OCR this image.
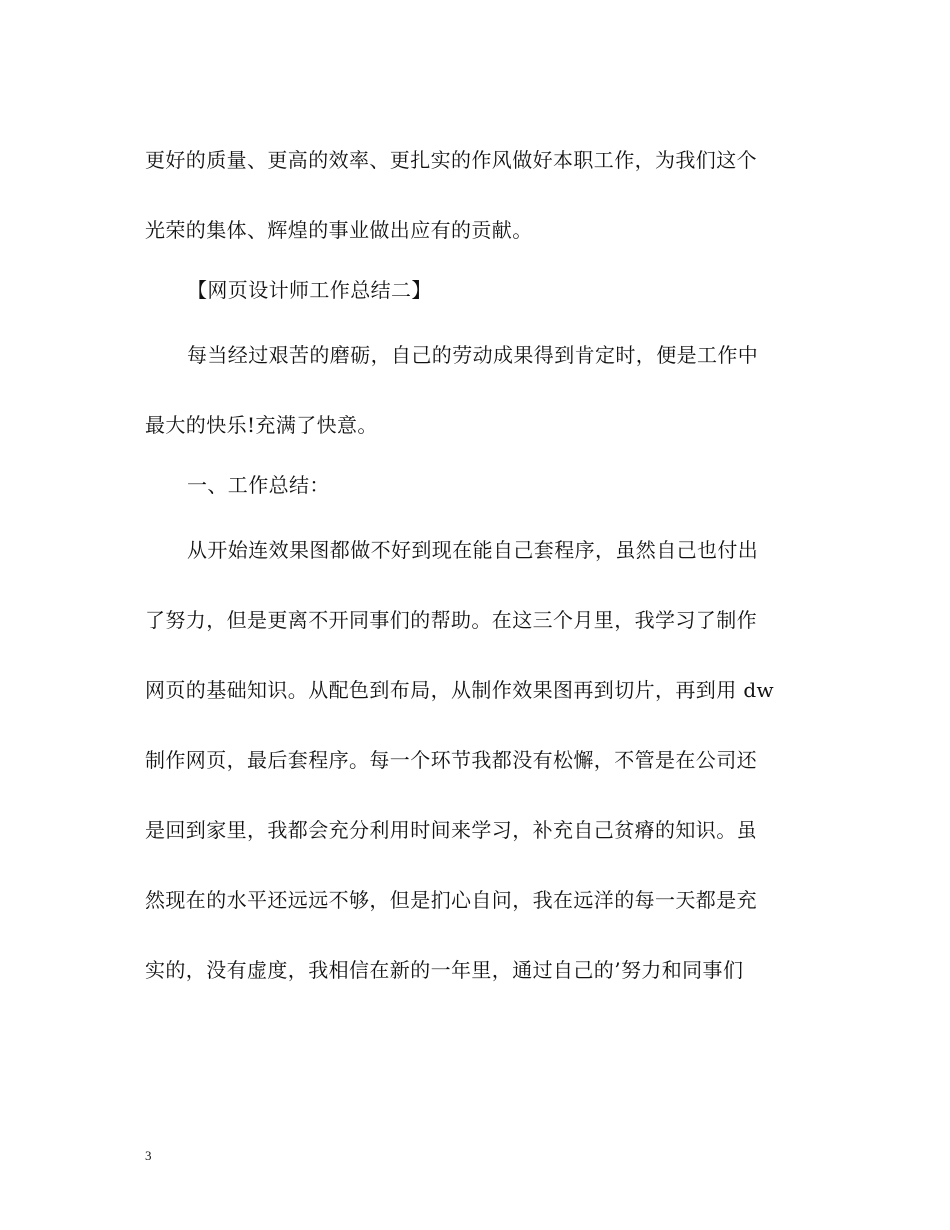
更好的质量、更高的效率、更扎实的作风做好本职工作，为我们这个
光荣的集体、辉煌的事业做出应有的贡献。
【网页设计师工作总结二】
每当经过艰苦的磨砺，自己的劳动成果得到肯定时，便是工作中
最大的快乐!充满了快意。
一、工作总结：
从开始连效果图都做不好到现在能自己套程序，虽然自己也付出
了努力，但是更离不开同事们的帮助。在这三个月里，我学习了制作
网页的基础知识。从配色到布局，从制作效果图再到切片，再到用 dw
制作网页，最后套程序。每一个环节我都没有松懈，不管是在公司还
是回到家里，我都会充分利用时间来学习，补充自己贫瘠的知识。虽
然现在的水平还远远不够，但是扪心自问，我在远洋的每一天都是充
实的，没有虚度，我相信在新的一年里，通过自己的’努力和同事们
3
